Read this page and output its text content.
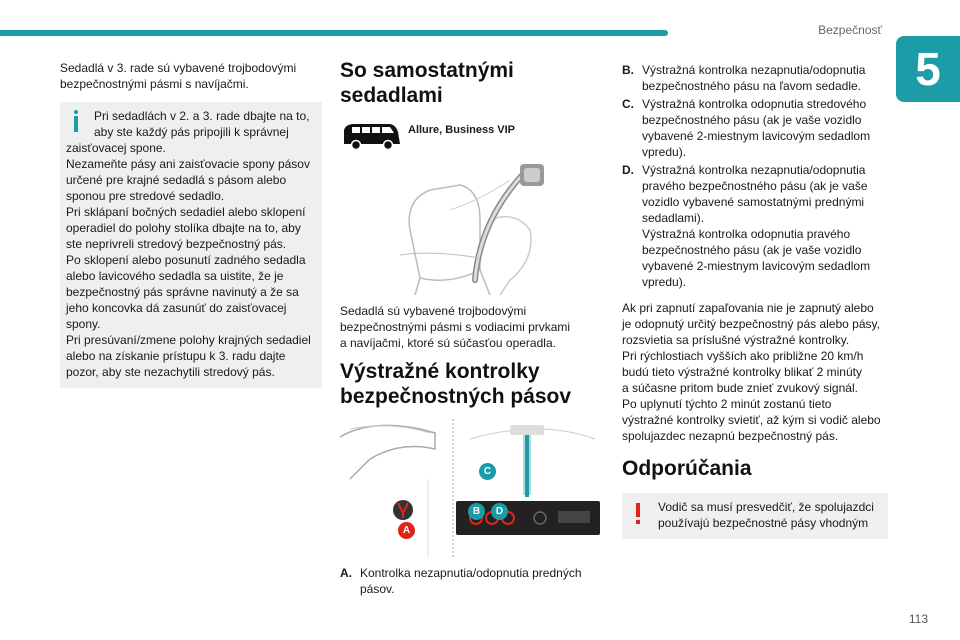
Bezpečnosť
5
Sedadlá v 3. rade sú vybavené trojbodovými
bezpečnostnými pásmi s navíjačmi.
Pri sedadlách v 2. a 3. rade dbajte na to,
aby ste každý pás pripojili k správnej
zaisťovacej spone.
Nezameňte pásy ani zaisťovacie spony pásov
určené pre krajné sedadlá s pásom alebo
sponou pre stredové sedadlo.
Pri sklápaní bočných sedadiel alebo sklopení
operadiel do polohy stolíka dbajte na to, aby
ste neprivreli stredový bezpečnostný pás.
Po sklopení alebo posunutí zadného sedadla
alebo lavicového sedadla sa uistite, že je
bezpečnostný pás správne navinutý a že sa
jeho koncovka dá zasunúť do zaisťovacej
spony.
Pri presúvaní/zmene polohy krajných sedadiel
alebo na získanie prístupu k 3. radu dajte
pozor, aby ste nezachytili stredový pás.
So samostatnými sedadlami
Allure, Business VIP
Sedadlá sú vybavené trojbodovými
bezpečnostnými pásmi s vodiacimi prvkami
a navíjačmi, ktoré sú súčasťou operadla.
Výstražné kontrolky
bezpečnostných pásov
A
C
B	D
A. Kontrolka nezapnutia/odopnutia predných
pásov.
B. Výstražná kontrolka nezapnutia/odopnutia
bezpečnostného pásu na ľavom sedadle.
C. Výstražná kontrolka odopnutia stredového
bezpečnostného pásu (ak je vaše vozidlo
vybavené 2-miestnym lavicovým sedadlom
vpredu).
D. Výstražná kontrolka nezapnutia/odopnutia
pravého bezpečnostného pásu (ak je vaše
vozidlo vybavené samostatnými prednými
sedadlami).
Výstražná kontrolka odopnutia pravého
bezpečnostného pásu (ak je vaše vozidlo
vybavené 2-miestnym lavicovým sedadlom
vpredu).
Ak pri zapnutí zapaľovania nie je zapnutý alebo
je odopnutý určitý bezpečnostný pás alebo pásy,
rozsvietia sa príslušné výstražné kontrolky.
Pri rýchlostiach vyšších ako približne 20 km/h
budú tieto výstražné kontrolky blikať 2 minúty
a súčasne pritom bude znieť zvukový signál.
Po uplynutí týchto 2 minút zostanú tieto
výstražné kontrolky svietiť, až kým si vodič alebo
spolujazdec nezapnú bezpečnostný pás.
Odporúčania
Vodič sa musí presvedčiť, že spolujazdci
používajú bezpečnostné pásy vhodným
113
